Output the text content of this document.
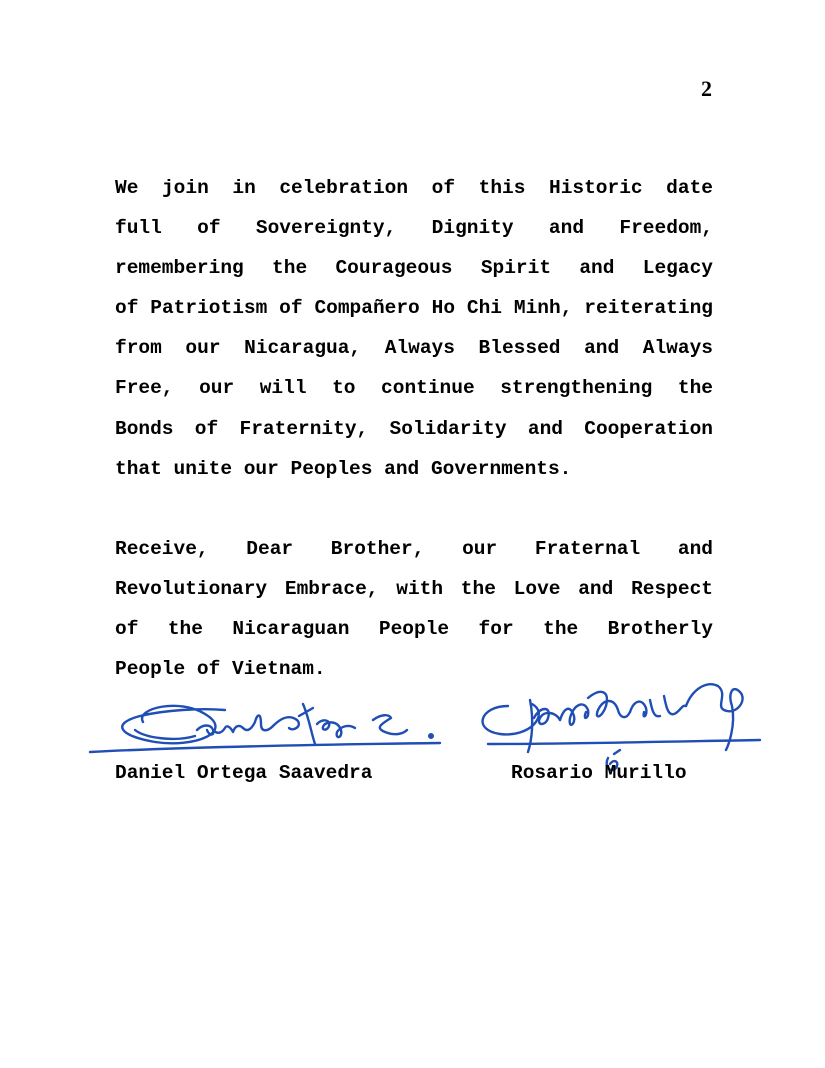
2
We join in celebration of this Historic date
full of Sovereignty, Dignity and Freedom,
remembering the Courageous Spirit and Legacy
of Patriotism of Compañero Ho Chi Minh, reiterating
from our Nicaragua, Always Blessed and Always
Free, our will to continue strengthening the
Bonds of Fraternity, Solidarity and Cooperation
that unite our Peoples and Governments.
Receive, Dear Brother, our Fraternal and
Revolutionary Embrace, with the Love and Respect
of the Nicaraguan People for the Brotherly
People of Vietnam.
Daniel Ortega Saavedra	Rosario Murillo
